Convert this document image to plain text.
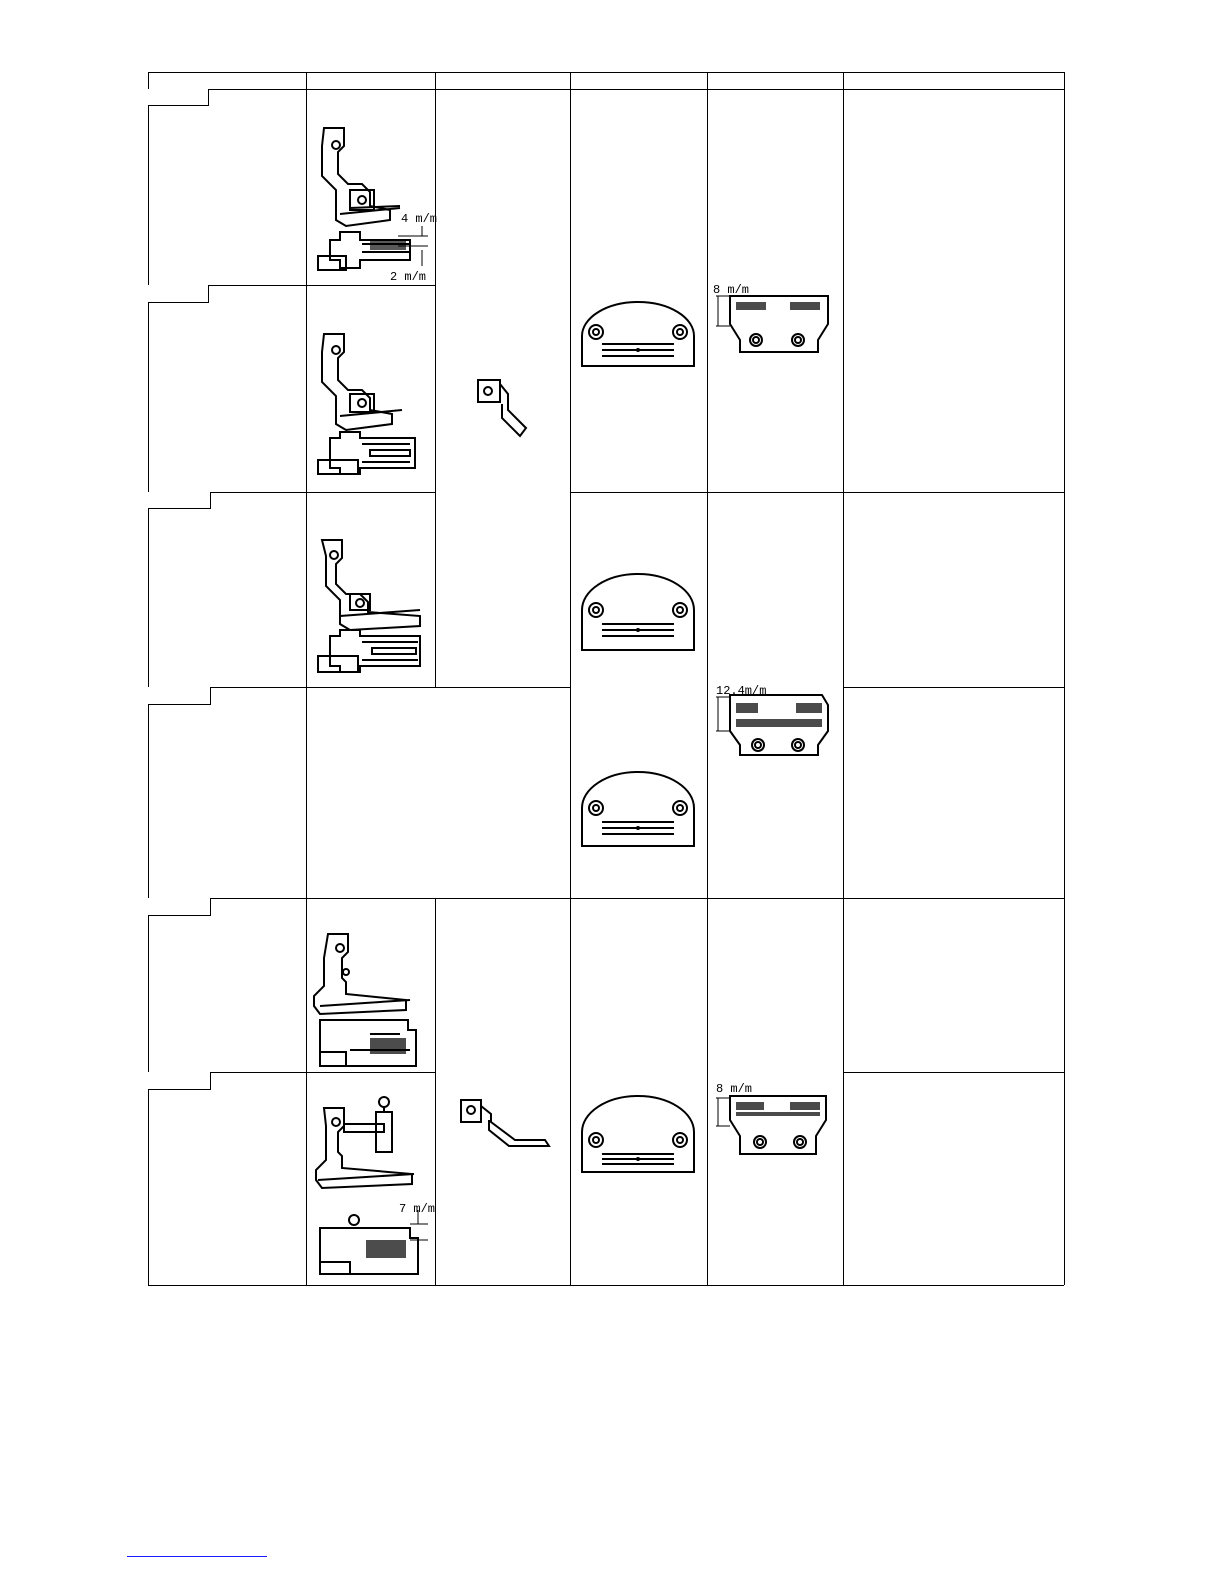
4 m/m
2 m/m
8 m/m
12.4m/m
7 m/m
8 m/m
